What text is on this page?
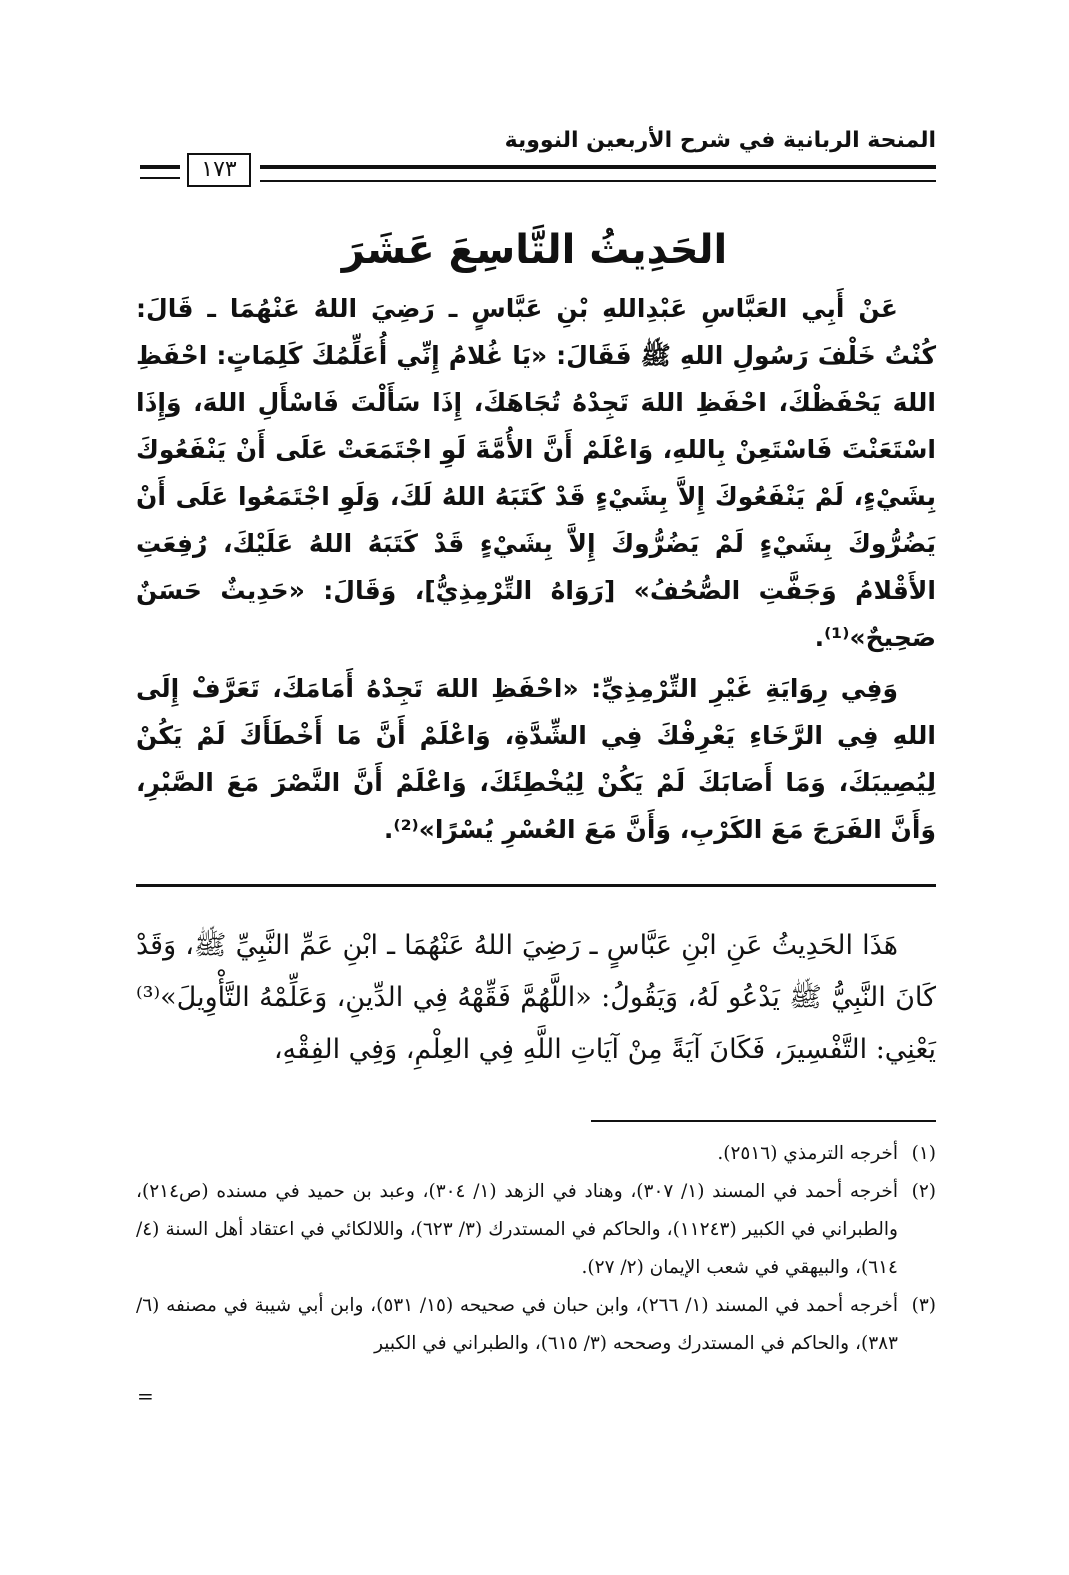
المنحة الربانية في شرح الأربعين النووية
١٧٣
الحَدِيثُ التَّاسِعَ عَشَرَ

عَنْ أَبِي العَبَّاسِ عَبْدِاللهِ بْنِ عَبَّاسٍ ـ رَضِيَ اللهُ عَنْهُمَا ـ قَالَ: كُنْتُ خَلْفَ رَسُولِ اللهِ ﷺ فَقَالَ: «يَا غُلامُ إِنِّي أُعَلِّمُكَ كَلِمَاتٍ: احْفَظِ اللهَ يَحْفَظْكَ، احْفَظِ اللهَ تَجِدْهُ تُجَاهَكَ، إِذَا سَأَلْتَ فَاسْأَلِ اللهَ، وَإِذَا اسْتَعَنْتَ فَاسْتَعِنْ بِاللهِ، وَاعْلَمْ أَنَّ الأُمَّةَ لَوِ اجْتَمَعَتْ عَلَى أَنْ يَنْفَعُوكَ بِشَيْءٍ، لَمْ يَنْفَعُوكَ إِلاَّ بِشَيْءٍ قَدْ كَتَبَهُ اللهُ لَكَ، وَلَوِ اجْتَمَعُوا عَلَى أَنْ يَضُرُّوكَ بِشَيْءٍ لَمْ يَضُرُّوكَ إِلاَّ بِشَيْءٍ قَدْ كَتَبَهُ اللهُ عَلَيْكَ، رُفِعَتِ الأَقْلامُ وَجَفَّتِ الصُّحُفُ» [رَوَاهُ التِّرْمِذِيُّ]، وَقَالَ: «حَدِيثٌ حَسَنٌ صَحِيحٌ»⁽¹⁾.

وَفِي رِوَايَةِ غَيْرِ التِّرْمِذِيِّ: «احْفَظِ اللهَ تَجِدْهُ أَمَامَكَ، تَعَرَّفْ إِلَى اللهِ فِي الرَّخَاءِ يَعْرِفْكَ فِي الشِّدَّةِ، وَاعْلَمْ أَنَّ مَا أَخْطَأَكَ لَمْ يَكُنْ لِيُصِيبَكَ، وَمَا أَصَابَكَ لَمْ يَكُنْ لِيُخْطِئَكَ، وَاعْلَمْ أَنَّ النَّصْرَ مَعَ الصَّبْرِ، وَأَنَّ الفَرَجَ مَعَ الكَرْبِ، وَأَنَّ مَعَ العُسْرِ يُسْرًا»⁽²⁾.

هَذَا الحَدِيثُ عَنِ ابْنِ عَبَّاسٍ ـ رَضِيَ اللهُ عَنْهُمَا ـ ابْنِ عَمِّ النَّبِيِّ ﷺ، وَقَدْ كَانَ النَّبِيُّ ﷺ يَدْعُو لَهُ، وَيَقُولُ: «اللَّهُمَّ فَقِّهْهُ فِي الدِّينِ، وَعَلِّمْهُ التَّأْوِيلَ»⁽³⁾ يَعْنِي: التَّفْسِيرَ، فَكَانَ آيَةً مِنْ آيَاتِ اللَّهِ فِي العِلْمِ، وَفِي الفِقْهِ،

(١)أخرجه الترمذي (٢٥١٦).

(٢)أخرجه أحمد في المسند (١/ ٣٠٧)، وهناد في الزهد (١/ ٣٠٤)، وعبد بن حميد في مسنده (ص٢١٤)، والطبراني في الكبير (١١٢٤٣)، والحاكم في المستدرك (٣/ ٦٢٣)، واللالكائي في اعتقاد أهل السنة (٤/ ٦١٤)، والبيهقي في شعب الإيمان (٢/ ٢٧).

(٣)أخرجه أحمد في المسند (١/ ٢٦٦)، وابن حبان في صحيحه (١٥/ ٥٣١)، وابن أبي شيبة في مصنفه (٦/ ٣٨٣)، والحاكم في المستدرك وصححه (٣/ ٦١٥)، والطبراني في الكبير

=
